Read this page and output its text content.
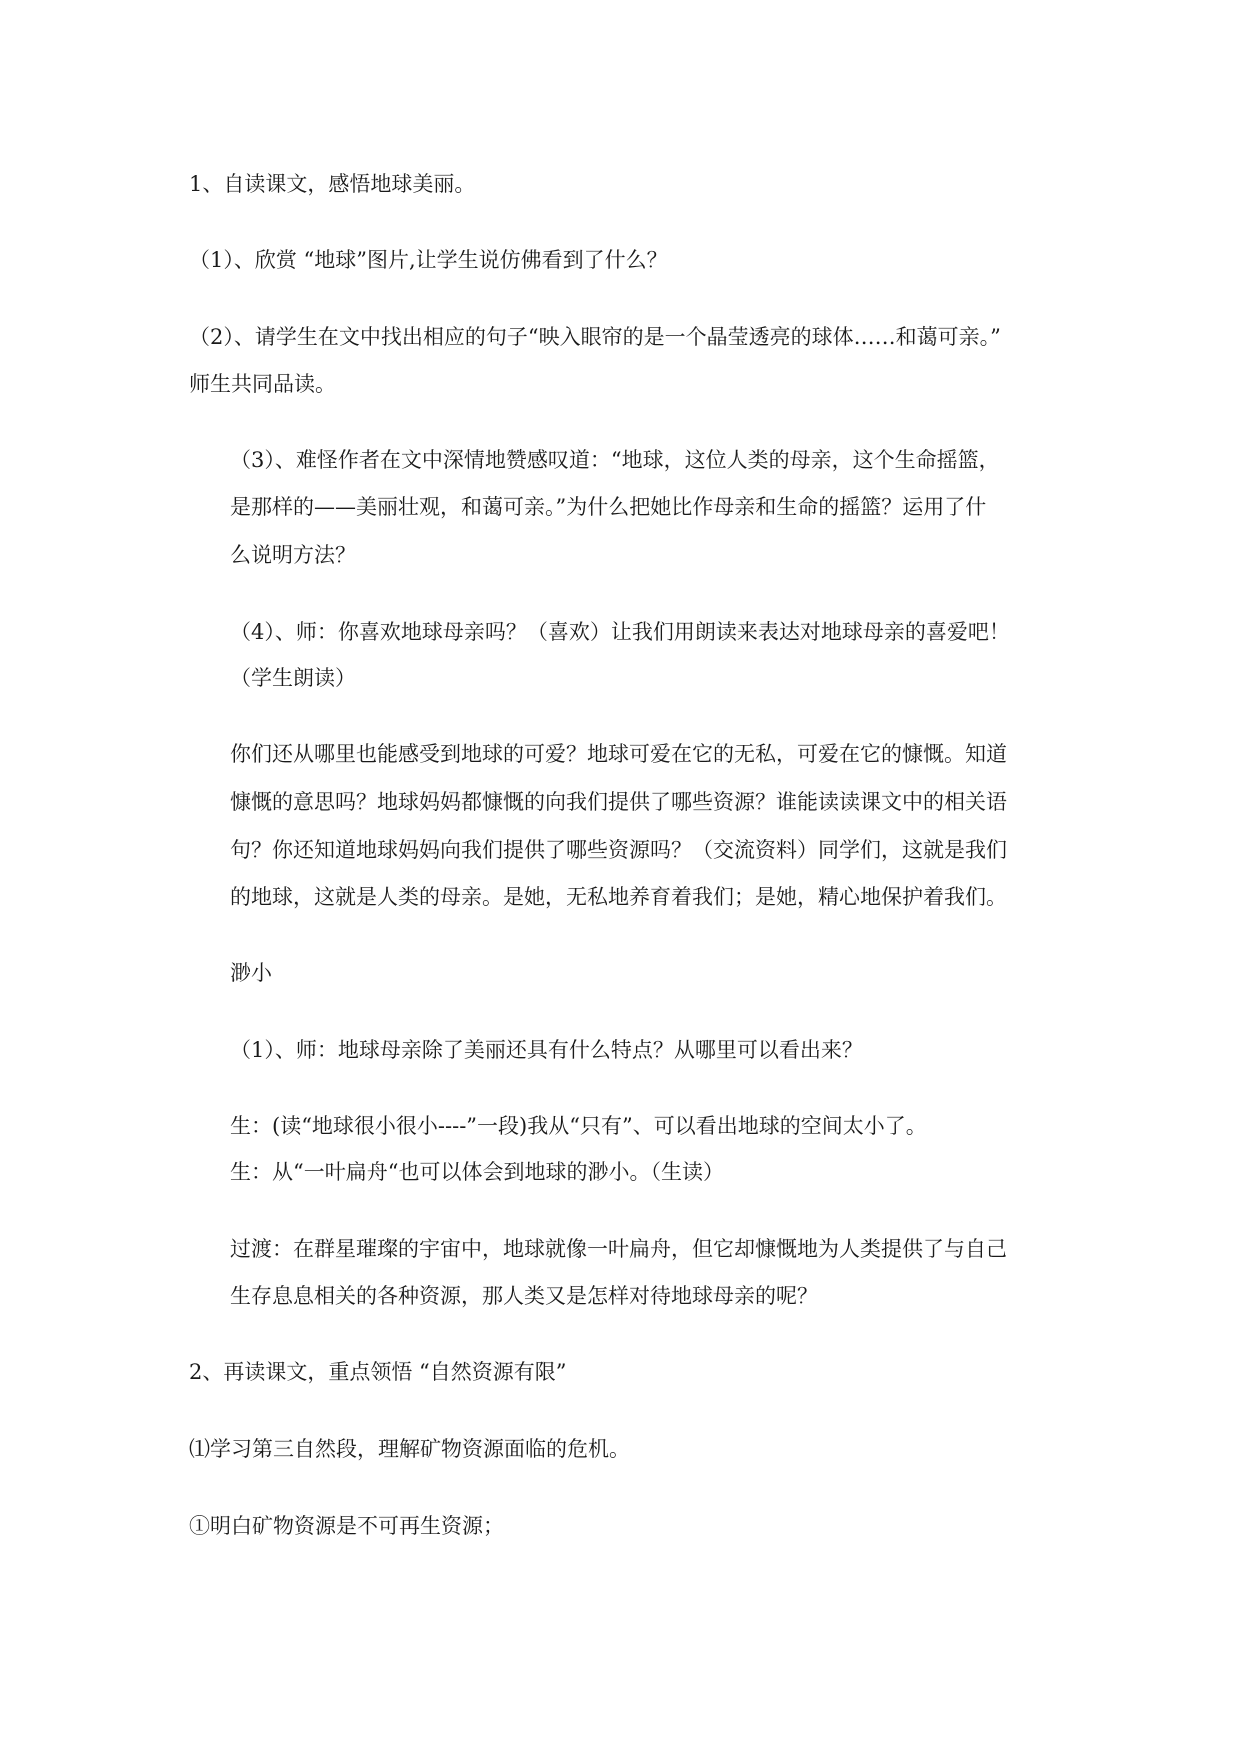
1、自读课文，感悟地球美丽。

（1）、欣赏 “地球”图片,让学生说仿佛看到了什么？

（2）、请学生在文中找出相应的句子“映入眼帘的是一个晶莹透亮的球体……和蔼可亲。”

师生共同品读。

（3）、难怪作者在文中深情地赞感叹道：“地球，这位人类的母亲，这个生命摇篮，

是那样的——美丽壮观，和蔼可亲。”为什么把她比作母亲和生命的摇篮？运用了什

么说明方法？

（4）、师：你喜欢地球母亲吗？（喜欢）让我们用朗读来表达对地球母亲的喜爱吧！

（学生朗读）

你们还从哪里也能感受到地球的可爱？地球可爱在它的无私，可爱在它的慷慨。知道

慷慨的意思吗？地球妈妈都慷慨的向我们提供了哪些资源？谁能读读课文中的相关语

句？你还知道地球妈妈向我们提供了哪些资源吗？（交流资料）同学们，这就是我们

的地球，这就是人类的母亲。是她，无私地养育着我们；是她，精心地保护着我们。

渺小

（1）、师：地球母亲除了美丽还具有什么特点？从哪里可以看出来？

生：(读“地球很小很小----”一段)我从“只有”、可以看出地球的空间太小了。

生：从“一叶扁舟“也可以体会到地球的渺小。（生读）

过渡：在群星璀璨的宇宙中，地球就像一叶扁舟，但它却慷慨地为人类提供了与自己

生存息息相关的各种资源，那人类又是怎样对待地球母亲的呢？

2、再读课文，重点领悟 “自然资源有限”

⑴学习第三自然段，理解矿物资源面临的危机。

①明白矿物资源是不可再生资源；
